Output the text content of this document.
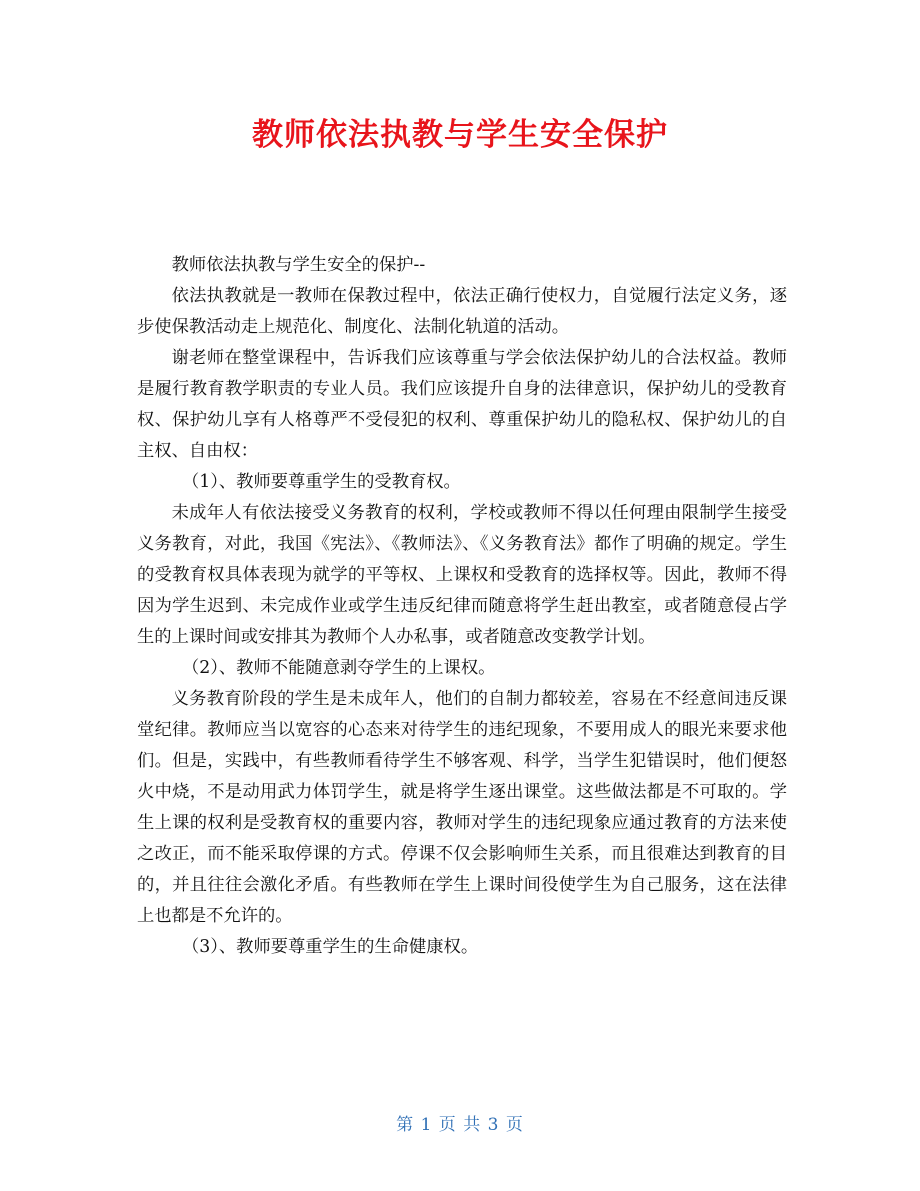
教师依法执教与学生安全保护

教师依法执教与学生安全的保护--

依法执教就是一教师在保教过程中，依法正确行使权力，自觉履行法定义务，逐步使保教活动走上规范化、制度化、法制化轨道的活动。

谢老师在整堂课程中，告诉我们应该尊重与学会依法保护幼儿的合法权益。教师是履行教育教学职责的专业人员。我们应该提升自身的法律意识，保护幼儿的受教育权、保护幼儿享有人格尊严不受侵犯的权利、尊重保护幼儿的隐私权、保护幼儿的自主权、自由权：

（1）、教师要尊重学生的受教育权。

未成年人有依法接受义务教育的权利，学校或教师不得以任何理由限制学生接受义务教育，对此，我国《宪法》、《教师法》、《义务教育法》都作了明确的规定。学生的受教育权具体表现为就学的平等权、上课权和受教育的选择权等。因此，教师不得因为学生迟到、未完成作业或学生违反纪律而随意将学生赶出教室，或者随意侵占学生的上课时间或安排其为教师个人办私事，或者随意改变教学计划。

（2）、教师不能随意剥夺学生的上课权。

义务教育阶段的学生是未成年人，他们的自制力都较差，容易在不经意间违反课堂纪律。教师应当以宽容的心态来对待学生的违纪现象，不要用成人的眼光来要求他们。但是，实践中，有些教师看待学生不够客观、科学，当学生犯错误时，他们便怒火中烧，不是动用武力体罚学生，就是将学生逐出课堂。这些做法都是不可取的。学生上课的权利是受教育权的重要内容，教师对学生的违纪现象应通过教育的方法来使之改正，而不能采取停课的方式。停课不仅会影响师生关系，而且很难达到教育的目的，并且往往会激化矛盾。有些教师在学生上课时间役使学生为自己服务，这在法律上也都是不允许的。

（3）、教师要尊重学生的生命健康权。

第 1 页 共 3 页
